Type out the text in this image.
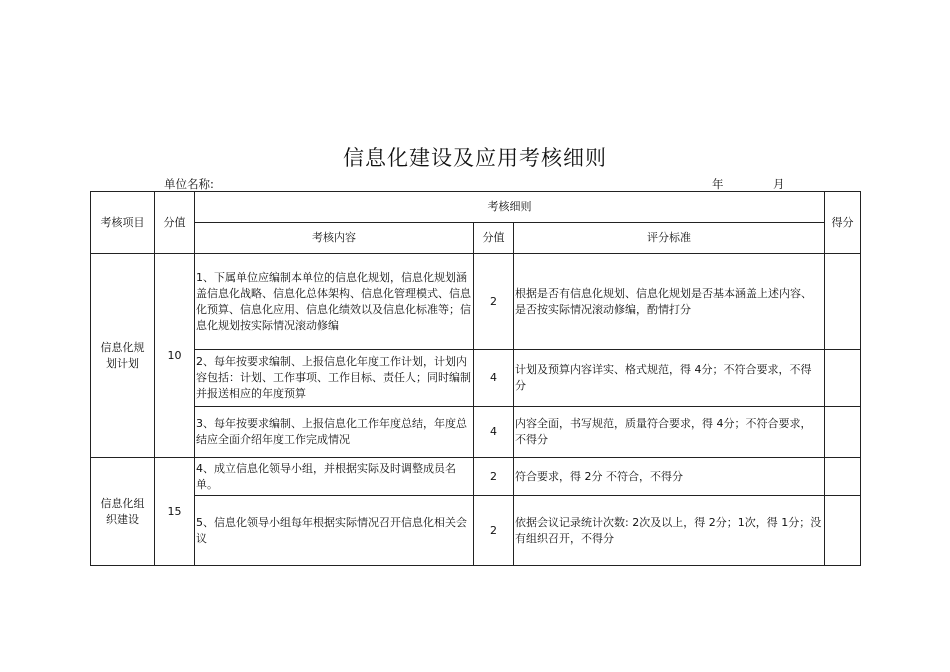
信息化建设及应用考核细则
单位名称:	年	月
考核项目	分值	考核细则			得分
		考核内容	分值	评分标准	
信息化规划计划	10	1、下属单位应编制本单位的信息化规划，信息化规划涵盖信息化战略、信息化总体架构、信息化管理模式、信息化预算、信息化应用、信息化绩效以及信息化标准等；信息化规划按实际情况滚动修编	2	根据是否有信息化规划、信息化规划是否基本涵盖上述内容、是否按实际情况滚动修编，酌情打分	
		2、每年按要求编制、上报信息化年度工作计划，计划内容包括：计划、工作事项、工作目标、责任人；同时编制并报送相应的年度预算	4	计划及预算内容详实、格式规范，得 4分；不符合要求，不得分	
		3、每年按要求编制、上报信息化工作年度总结，年度总结应全面介绍年度工作完成情况	4	内容全面，书写规范，质量符合要求，得 4分；不符合要求，不得分	
信息化组织建设	15	4、成立信息化领导小组，并根据实际及时调整成员名单。	2	符合要求，得 2分 不符合，不得分	
		5、信息化领导小组每年根据实际情况召开信息化相关会议	2	依据会议记录统计次数: 2次及以上，得 2分；1次，得 1分；没有组织召开，不得分	
